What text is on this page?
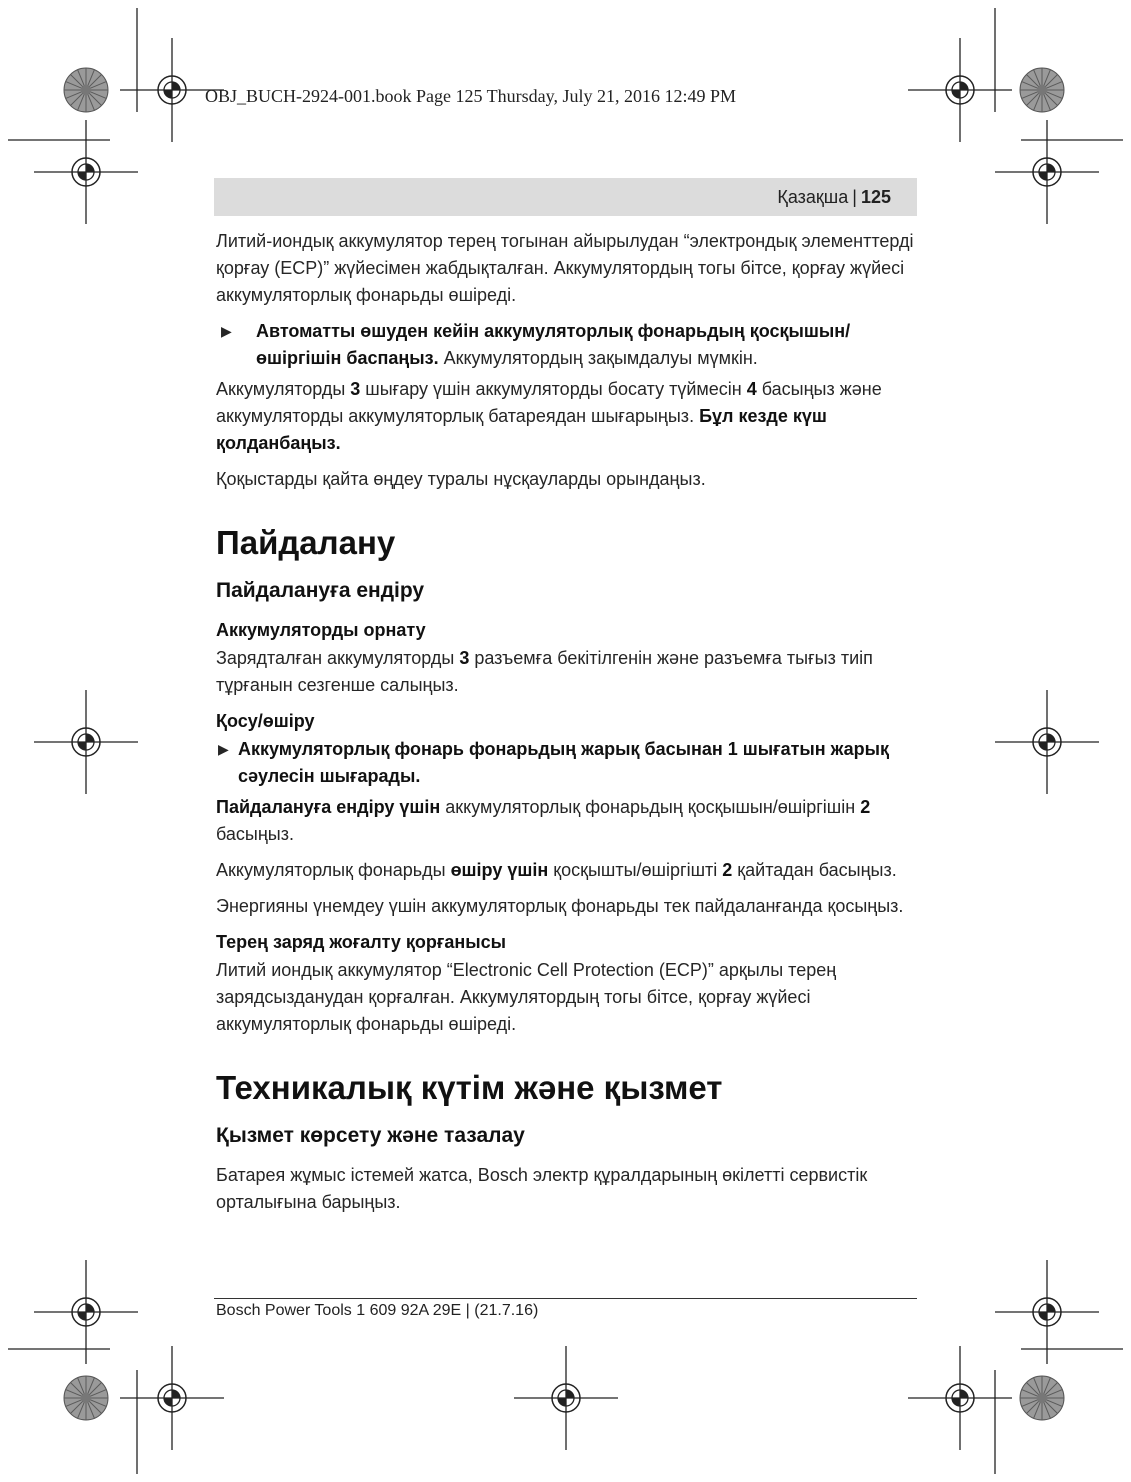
OBJ_BUCH-2924-001.book Page 125 Thursday, July 21, 2016 12:49 PM
Қазақша | 125

Литий-иондық аккумулятор терең тогынан айырылудан “электрондық элементтерді қорғау (ECP)” жүйесімен жабдықталған. Аккумулятордың тогы бітсе, қорғау жүйесі аккумуляторлық фонарьды өшіреді.

▶ Автоматты өшуден кейін аккумуляторлық фонарьдың қосқышын/өшіргішін баспаңыз. Аккумулятордың зақымдалуы мүмкін.

Аккумуляторды 3 шығару үшін аккумуляторды босату түймесін 4 басыңыз және аккумуляторды аккумуляторлық батареядан шығарыңыз. Бұл кезде күш қолданбаңыз.

Қоқыстарды қайта өңдеу туралы нұсқауларды орындаңыз.

Пайдалану
Пайдалануға ендіру
Аккумуляторды орнату

Зарядталған аккумуляторды 3 разъемға бекітілгенін және разъемға тығыз тиіп тұрғанын сезгенше салыңыз.

Қосу/өшіру
▶ Аккумуляторлық фонарь фонарьдың жарық басынан 1 шығатын жарық сәулесін шығарады.

Пайдалануға ендіру үшін аккумуляторлық фонарьдың қосқышын/өшіргішін 2 басыңыз.

Аккумуляторлық фонарьды өшіру үшін қосқышты/өшіргішті 2 қайтадан басыңыз.

Энергияны үнемдеу үшін аккумуляторлық фонарьды тек пайдаланғанда қосыңыз.

Терең заряд жоғалту қорғанысы

Литий иондық аккумулятор “Electronic Cell Protection (ECP)” арқылы терең зарядсызданудан қорғалған. Аккумулятордың тогы бітсе, қорғау жүйесі аккумуляторлық фонарьды өшіреді.

Техникалық күтім және қызмет
Қызмет көрсету және тазалау

Батарея жұмыс істемей жатса, Bosch электр құралдарының өкілетті сервистік орталығына барыңыз.

Bosch Power Tools 1 609 92A 29E | (21.7.16)
